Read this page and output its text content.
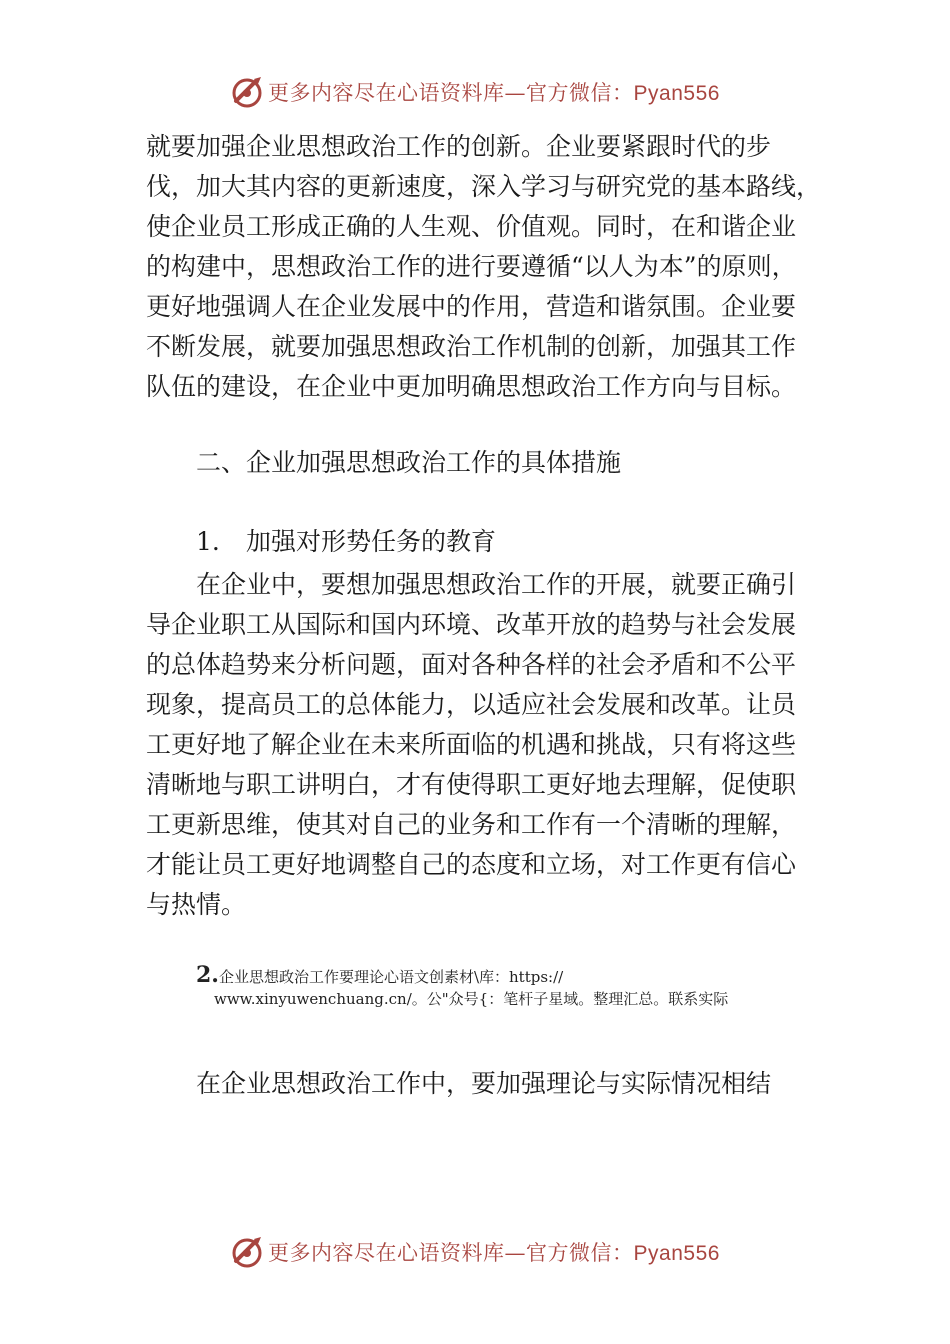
更多内容尽在心语资料库—官方微信：Pyan556
就要加强企业思想政治工作的创新。企业要紧跟时代的步
伐，加大其内容的更新速度，深入学习与研究党的基本路线，
使企业员工形成正确的人生观、价值观。同时，在和谐企业
的构建中，思想政治工作的进行要遵循“以人为本”的原则，
更好地强调人在企业发展中的作用，营造和谐氛围。企业要
不断发展，就要加强思想政治工作机制的创新，加强其工作
队伍的建设，在企业中更加明确思想政治工作方向与目标。
二、企业加强思想政治工作的具体措施
1. 加强对形势任务的教育
　　在企业中，要想加强思想政治工作的开展，就要正确引
导企业职工从国际和国内环境、改革开放的趋势与社会发展
的总体趋势来分析问题，面对各种各样的社会矛盾和不公平
现象，提高员工的总体能力，以适应社会发展和改革。让员
工更好地了解企业在未来所面临的机遇和挑战，只有将这些
清晰地与职工讲明白，才有使得职工更好地去理解，促使职
工更新思维，使其对自己的业务和工作有一个清晰的理解，
才能让员工更好地调整自己的态度和立场，对工作更有信心
与热情。
2.企业思想政治工作要理论心语文创素材\库：https://
www.xinyuwenchuang.cn/。公"众号{：笔杆子星域。整理汇总。联系实际
在企业思想政治工作中，要加强理论与实际情况相结
更多内容尽在心语资料库—官方微信：Pyan556
